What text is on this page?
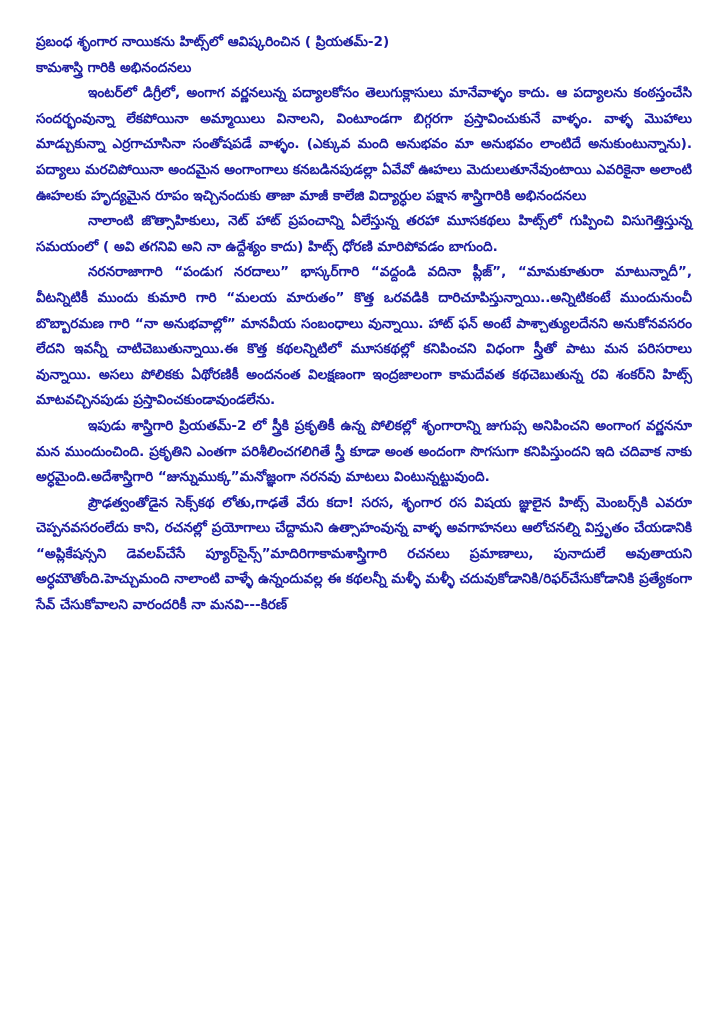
ప్రబంధ శృంగార నాయికను హిట్స్‌లో ఆవిష్కరించిన ( ప్రియతమ్-2)
కామశాస్త్రి గారికి అభినందనలు
ఇంటర్‌లో డిగ్రీలో, అంగాగ వర్ణనలున్న పద్యాలకోసం తెలుగుక్లాసులు మానేవాళ్ళం కాదు. ఆ పద్యాలను కంఠస్తంచేసి సందర్భంవున్నా లేకపోయినా అమ్మాయిలు వినాలని, వింటూండగా బిగ్గరగా ప్రస్తావించుకునే వాళ్ళం. వాళ్ళ మొహాలు మాడ్చుకున్నా ఎర్రగాచూసినా సంతోషపడే వాళ్ళం. (ఎక్కువ మంది అనుభవం మా అనుభవం లాంటిదే అనుకుంటున్నాను). పద్యాలు మరచిపోయినా అందమైన అంగాంగాలు కనబడినపుడల్లా ఏవేవో ఊహలు మెదులుతూనేవుంటాయి ఎవరికైనా అలాంటి ఊహలకు హృద్యమైన రూపం ఇచ్చినందుకు తాజా మాజీ కాలేజి విద్యార్ధుల పక్షాన శాస్త్రిగారికి అభినందనలు
నాలాంటి జొత్సాహికులు, నెట్ హాట్ ప్రపంచాన్ని ఏలేస్తున్న తరహా మూసకథలు హిట్స్‌లో గుప్పించి విసుగెత్తిస్తున్న సమయంలో ( అవి తగనివి అని నా ఉద్దేశ్యం కాదు) హిట్స్ ధోరణి మారిపోవడం బాగుంది.
నరనరాజాగారి “పండుగ నరదాలు” భాస్కర్‌గారి “వద్దండి వదినా ప్లీజ్”, “మామకూతురా మాటున్నాదీ”, వీటన్నిటికీ ముందు కుమారి గారి “మలయ మారుతం” కొత్త ఒరవడికి దారిచూపిస్తున్నాయి..అన్నిటికంటే ముందునుంచీ బొబ్బారమణ గారి “నా అనుభవాల్లో” మానవీయ సంబంధాలు వున్నాయి. హాట్ ఫన్ అంటే పాశ్చాత్యులదేనని అనుకోనవసరం లేదని ఇవన్నీ చాటిచెబుతున్నాయి.ఈ కొత్త కథలన్నిటిలో మూసకథల్లో కనిపించని విధంగా స్త్రీతో పాటు మన పరిసరాలు వున్నాయి. అసలు పోలికకు ఏథోరణికీ అందనంత విలక్షణంగా ఇంద్రజాలంగా కామదేవత కథచెబుతున్న రవి శంకర్‌ని హిట్స్ మాటవచ్చినపుడు ప్రస్తావించకుండావుండలేను.
ఇపుడు శాస్త్రిగారి ప్రియతమ్-2 లో స్త్రీకి ప్రకృతికీ ఉన్న పోలికల్లో శృంగారాన్ని జుగుప్స అనిపించని అంగాంగ వర్ణననూ మన ముందుంచింది. ప్రకృతిని ఎంతగా పరిశీలించగలిగితే స్త్రీ కూడా అంత అందంగా సొగసుగా కనిపిస్తుందని ఇది చదివాక నాకు అర్ధమైంది.అదేశాస్త్రిగారి “జున్నుముక్క”మనోజ్ఞంగా నరనవు మాటలు వింటున్నట్టువుంది.
ప్రౌఢత్వంతోడైన సెక్స్‌కథ లోతు,గాఢతే వేరు కదా! సరస, శృంగార రస విషయ జ్ఞులైన హిట్స్ మెంబర్స్‌కి ఎవరూ చెప్పనవసరంలేదు కాని, రచనల్లో ప్రయోగాలు చేద్దామని ఉత్సాహంవున్న వాళ్ళ అవగాహనలు ఆలోచనల్ని విస్తృతం చేయడానికి “అప్లికేషన్సని డెవలప్‌చేసే ప్యూర్‌సైన్స్”మాదిరిగాకామశాస్త్రిగారి రచనలు ప్రమాణాలు, పునాదులే అవుతాయని అర్ధమౌతోంది.హెచ్చుమంది నాలాంటి వాళ్ళే ఉన్నందువల్ల ఈ కథలన్నీ మళ్ళీ మళ్ళీ చదువుకోడానికి/రిఫర్‌చేసుకోడానికి ప్రత్యేకంగా సేవ్ చేసుకోవాలని వారందరికీ నా మనవి---కిరణ్
